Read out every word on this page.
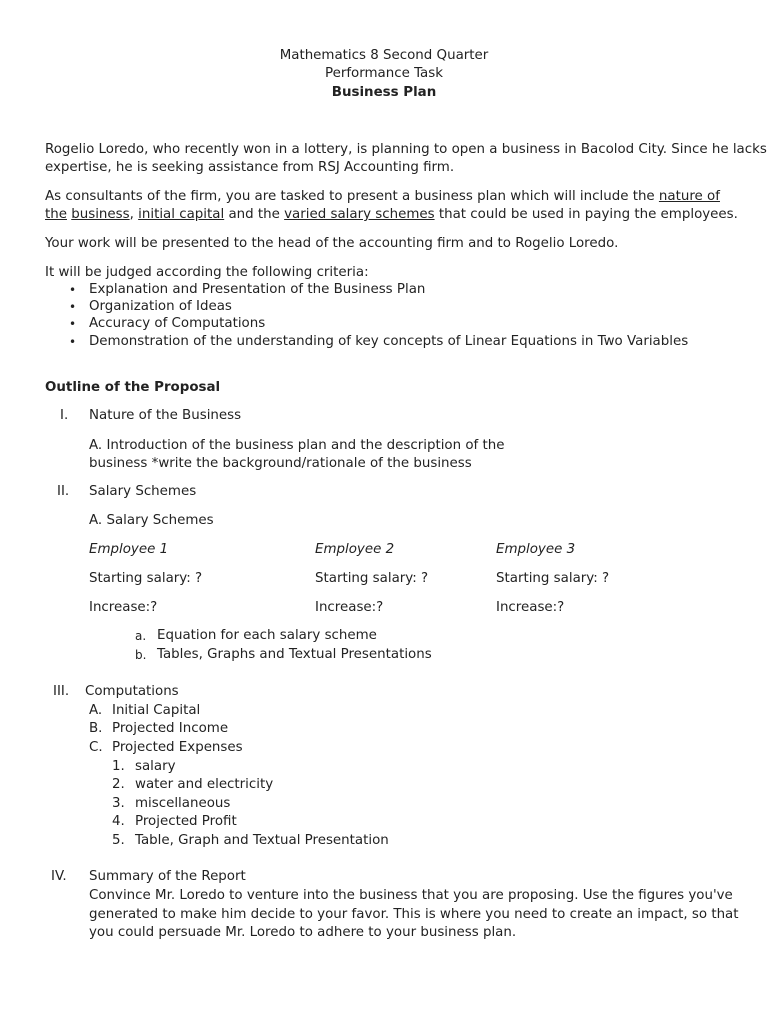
Mathematics 8 Second Quarter
Performance Task
Business Plan
Rogelio Loredo, who recently won in a lottery, is planning to open a business in Bacolod City. Since he lacks
expertise, he is seeking assistance from RSJ Accounting firm.
As consultants of the firm, you are tasked to present a business plan which will include the nature of
the business, initial capital and the varied salary schemes that could be used in paying the employees.
Your work will be presented to the head of the accounting firm and to Rogelio Loredo.
It will be judged according the following criteria:
• Explanation and Presentation of the Business Plan
• Organization of Ideas
• Accuracy of Computations
• Demonstration of the understanding of key concepts of Linear Equations in Two Variables
Outline of the Proposal
I. Nature of the Business
A. Introduction of the business plan and the description of the
business *write the background/rationale of the business
II. Salary Schemes
A. Salary Schemes
Employee 1	Employee 2	Employee 3
Starting salary: ?	Starting salary: ?	Starting salary: ?
Increase:?	Increase:?	Increase:?
a. Equation for each salary scheme
b. Tables, Graphs and Textual Presentations
III. Computations
A. Initial Capital
B. Projected Income
C. Projected Expenses
1. salary
2. water and electricity
3. miscellaneous
4. Projected Profit
5. Table, Graph and Textual Presentation
IV. Summary of the Report
Convince Mr. Loredo to venture into the business that you are proposing. Use the figures you've
generated to make him decide to your favor. This is where you need to create an impact, so that
you could persuade Mr. Loredo to adhere to your business plan.
